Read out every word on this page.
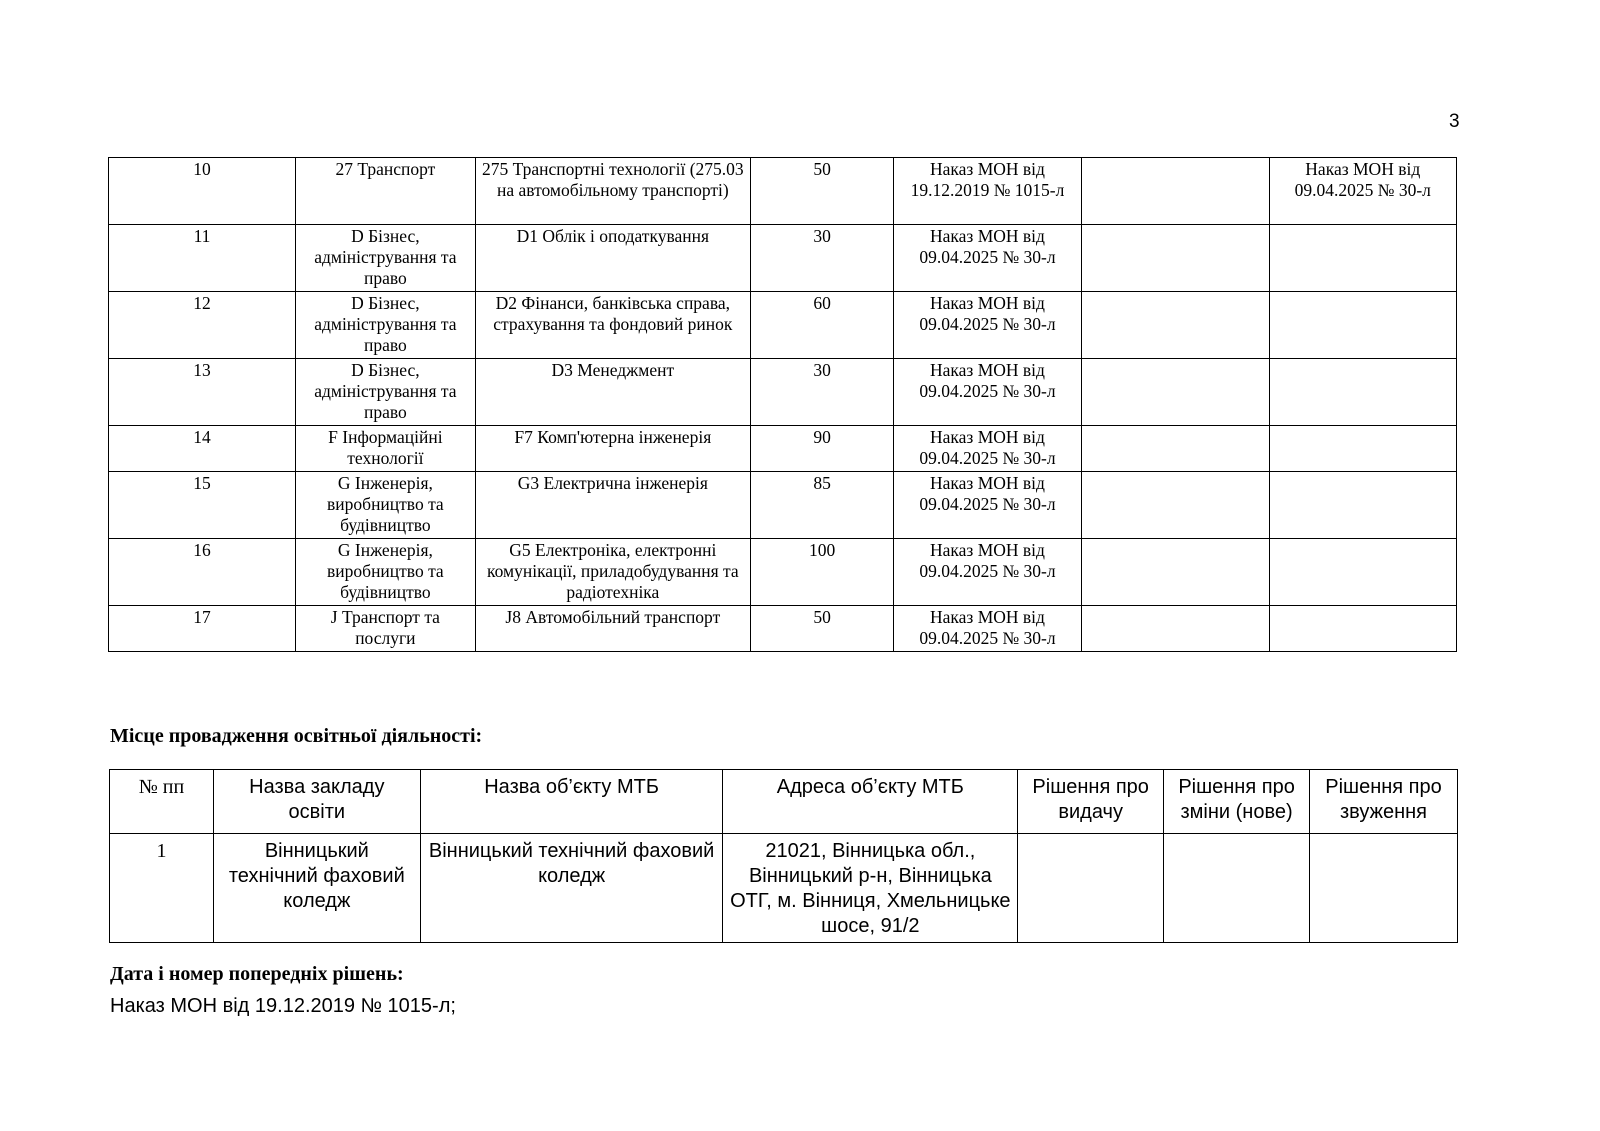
3
10	27 Транспорт	275 Транспортні технології (275.03 на автомобільному транспорті)	50	Наказ МОН від 19.12.2019 № 1015-л		Наказ МОН від 09.04.2025 № 30-л
11	D Бізнес, адміністрування та право	D1 Облік і оподаткування	30	Наказ МОН від 09.04.2025 № 30-л		
12	D Бізнес, адміністрування та право	D2 Фінанси, банківська справа, страхування та фондовий ринок	60	Наказ МОН від 09.04.2025 № 30-л		
13	D Бізнес, адміністрування та право	D3 Менеджмент	30	Наказ МОН від 09.04.2025 № 30-л		
14	F Інформаційні технології	F7 Комп'ютерна інженерія	90	Наказ МОН від 09.04.2025 № 30-л		
15	G Інженерія, виробництво та будівництво	G3 Електрична інженерія	85	Наказ МОН від 09.04.2025 № 30-л		
16	G Інженерія, виробництво та будівництво	G5 Електроніка, електронні комунікації, приладобудування та радіотехніка	100	Наказ МОН від 09.04.2025 № 30-л		
17	J Транспорт та послуги	J8 Автомобільний транспорт	50	Наказ МОН від 09.04.2025 № 30-л		
Місце провадження освітньої діяльності:
№ пп	Назва закладу освіти	Назва об’єкту МТБ	Адреса об’єкту МТБ	Рішення про видачу	Рішення про зміни (нове)	Рішення про звуження
1	Вінницький технічний фаховий коледж	Вінницький технічний фаховий коледж	21021, Вінницька обл., Вінницький р-н, Вінницька ОТГ, м. Вінниця, Хмельницьке шосе, 91/2			
Дата і номер попередніх рішень:
Наказ МОН від 19.12.2019 № 1015-л;
